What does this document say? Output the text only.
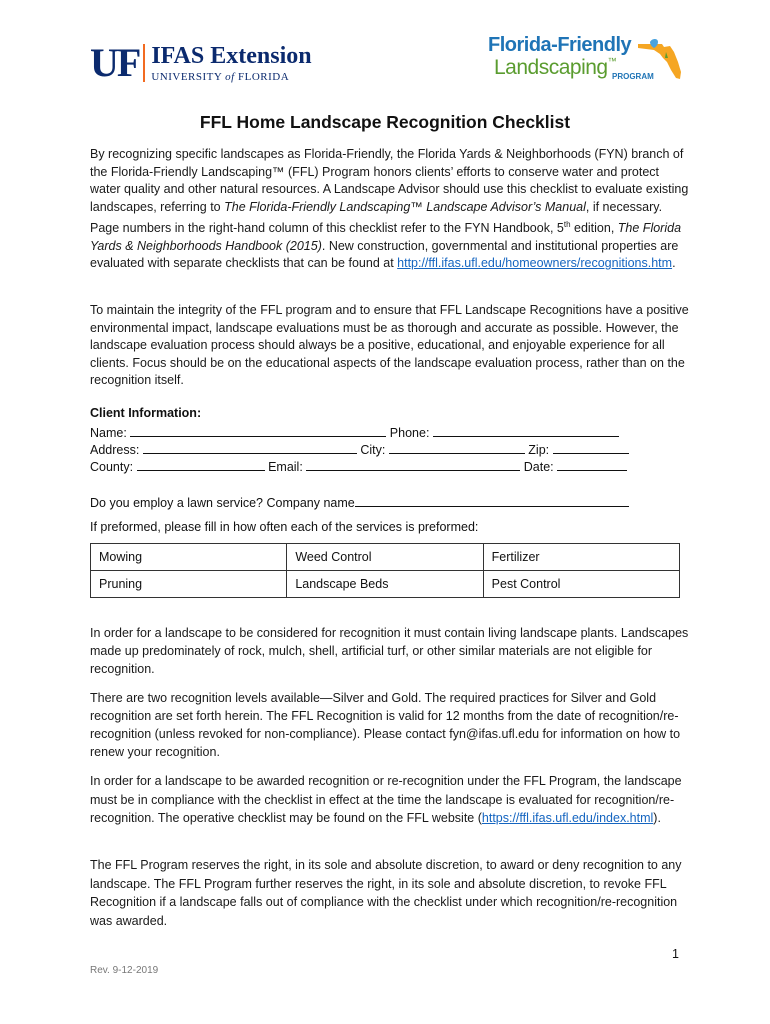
UF IFAS Extension
UNIVERSITY of FLORIDA
Florida-Friendly
Landscaping™
PROGRAM
FFL Home Landscape Recognition Checklist
By recognizing specific landscapes as Florida-Friendly, the Florida Yards & Neighborhoods (FYN) branch of the Florida-Friendly Landscaping™ (FFL) Program honors clients’ efforts to conserve water and protect water quality and other natural resources. A Landscape Advisor should use this checklist to evaluate existing landscapes, referring to The Florida-Friendly Landscaping™ Landscape Advisor’s Manual, if necessary. Page numbers in the right-hand column of this checklist refer to the FYN Handbook, 5th edition, The Florida Yards & Neighborhoods Handbook (2015). New construction, governmental and institutional properties are evaluated with separate checklists that can be found at http://ffl.ifas.ufl.edu/homeowners/recognitions.htm.
To maintain the integrity of the FFL program and to ensure that FFL Landscape Recognitions have a positive environmental impact, landscape evaluations must be as thorough and accurate as possible. However, the landscape evaluation process should always be a positive, educational, and enjoyable experience for all clients. Focus should be on the educational aspects of the landscape evaluation process, rather than on the recognition itself.
Client Information:
Name:	Phone:
Address:	City:	Zip:
County:	Email:	Date:
Do you employ a lawn service? Company name
If preformed, please fill in how often each of the services is preformed:
Mowing	Weed Control	Fertilizer
Pruning	Landscape Beds	Pest Control
In order for a landscape to be considered for recognition it must contain living landscape plants. Landscapes made up predominately of rock, mulch, shell, artificial turf, or other similar materials are not eligible for recognition.
There are two recognition levels available—Silver and Gold. The required practices for Silver and Gold recognition are set forth herein. The FFL Recognition is valid for 12 months from the date of recognition/re-recognition (unless revoked for non-compliance). Please contact fyn@ifas.ufl.edu for information on how to renew your recognition.
In order for a landscape to be awarded recognition or re-recognition under the FFL Program, the landscape must be in compliance with the checklist in effect at the time the landscape is evaluated for recognition/re-recognition. The operative checklist may be found on the FFL website (https://ffl.ifas.ufl.edu/index.html).
The FFL Program reserves the right, in its sole and absolute discretion, to award or deny recognition to any landscape. The FFL Program further reserves the right, in its sole and absolute discretion, to revoke FFL Recognition if a landscape falls out of compliance with the checklist under which recognition/re-recognition was awarded.
1
Rev. 9-12-2019
